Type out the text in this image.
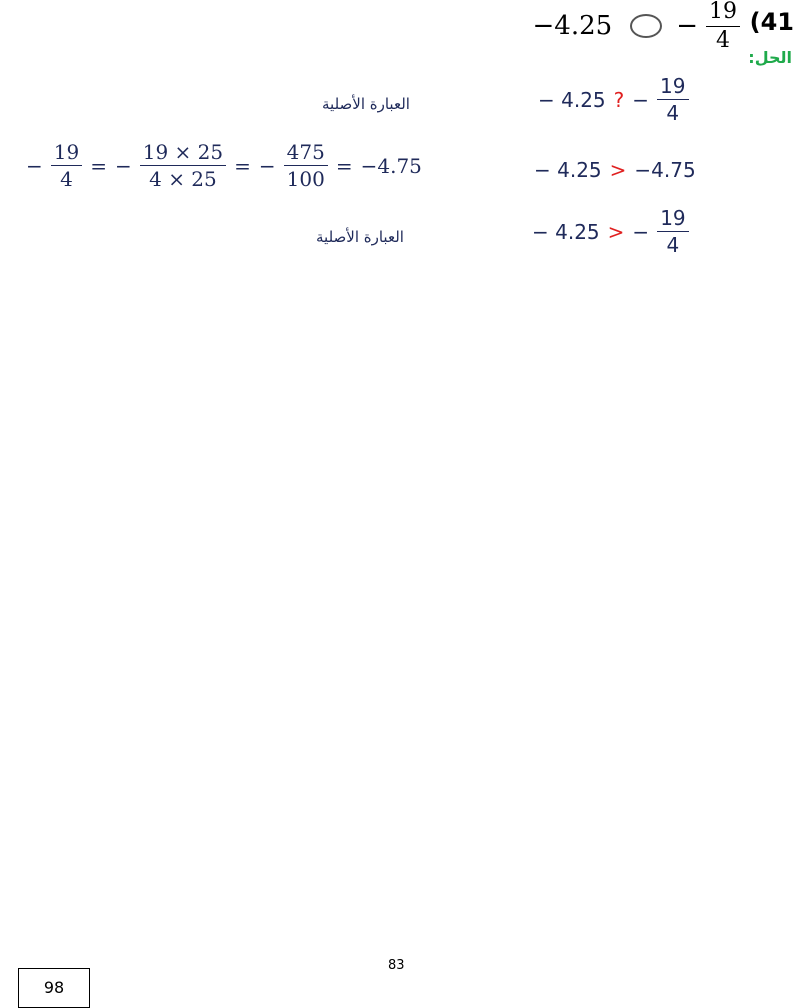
(41
$-4.25 - \frac{19}{4}$
الحل:
− 4.25 ? − $\frac{19}{4}$
العبارة الأصلية
− $\frac{19}{4}$ = − $\frac{19 \times 25}{4 \times 25}$ = − $\frac{475}{100} = -4.75$	− 4.25 > −4.75
− 4.25 > − $\frac{19}{4}$
العبارة الأصلية
83
98
